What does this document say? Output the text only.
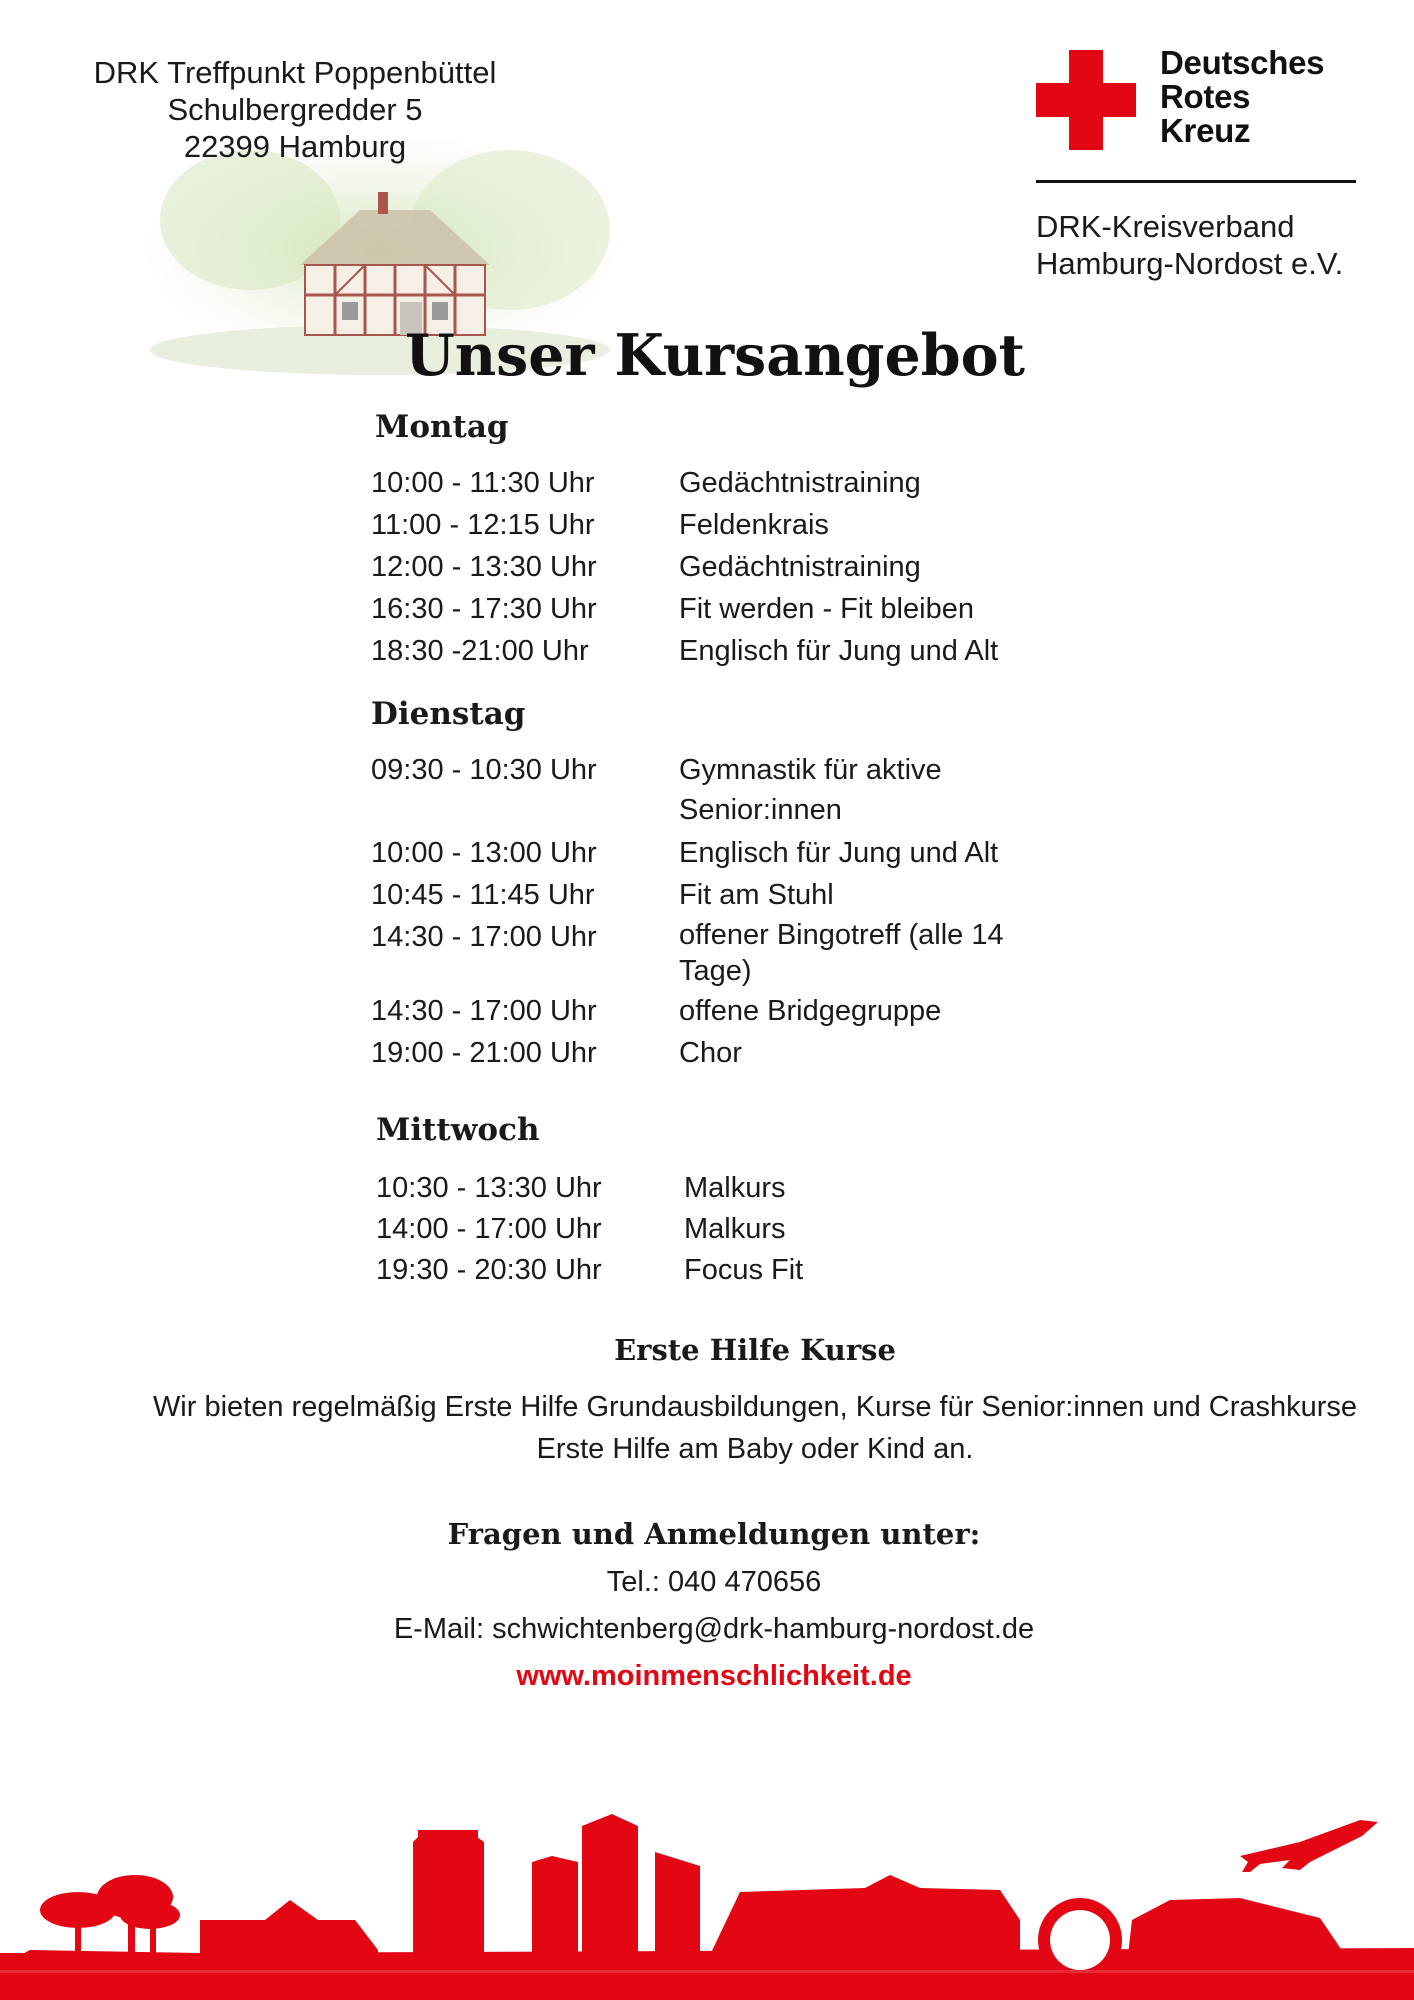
DRK Treffpunkt Poppenbüttel
Schulbergredder 5
22399 Hamburg
Deutsches
Rotes
Kreuz
DRK-Kreisverband
Hamburg-Nordost e.V.
Unser Kursangebot
Montag
10:00 - 11:30 Uhr	Gedächtnistraining
11:00 - 12:15 Uhr	Feldenkrais
12:00 - 13:30 Uhr	Gedächtnistraining
16:30 - 17:30 Uhr	Fit werden - Fit bleiben
18:30 -21:00 Uhr	Englisch für Jung und Alt
Dienstag
09:30 - 10:30 Uhr	Gymnastik für aktive Senior:innen
10:00 - 13:00 Uhr	Englisch für Jung und Alt
10:45 - 11:45 Uhr	Fit am Stuhl
14:30 - 17:00 Uhr	offener Bingotreff (alle 14 Tage)
14:30 - 17:00 Uhr	offene Bridgegruppe
19:00 - 21:00 Uhr	Chor
Mittwoch
10:30 - 13:30 Uhr	Malkurs
14:00 - 17:00 Uhr	Malkurs
19:30 - 20:30 Uhr	Focus Fit
Erste Hilfe Kurse
Wir bieten regelmäßig Erste Hilfe Grundausbildungen, Kurse für Senior:innen und Crashkurse Erste Hilfe am Baby oder Kind an.
Fragen und Anmeldungen unter:
Tel.: 040 470656
E-Mail: schwichtenberg@drk-hamburg-nordost.de
www.moinmenschlichkeit.de
